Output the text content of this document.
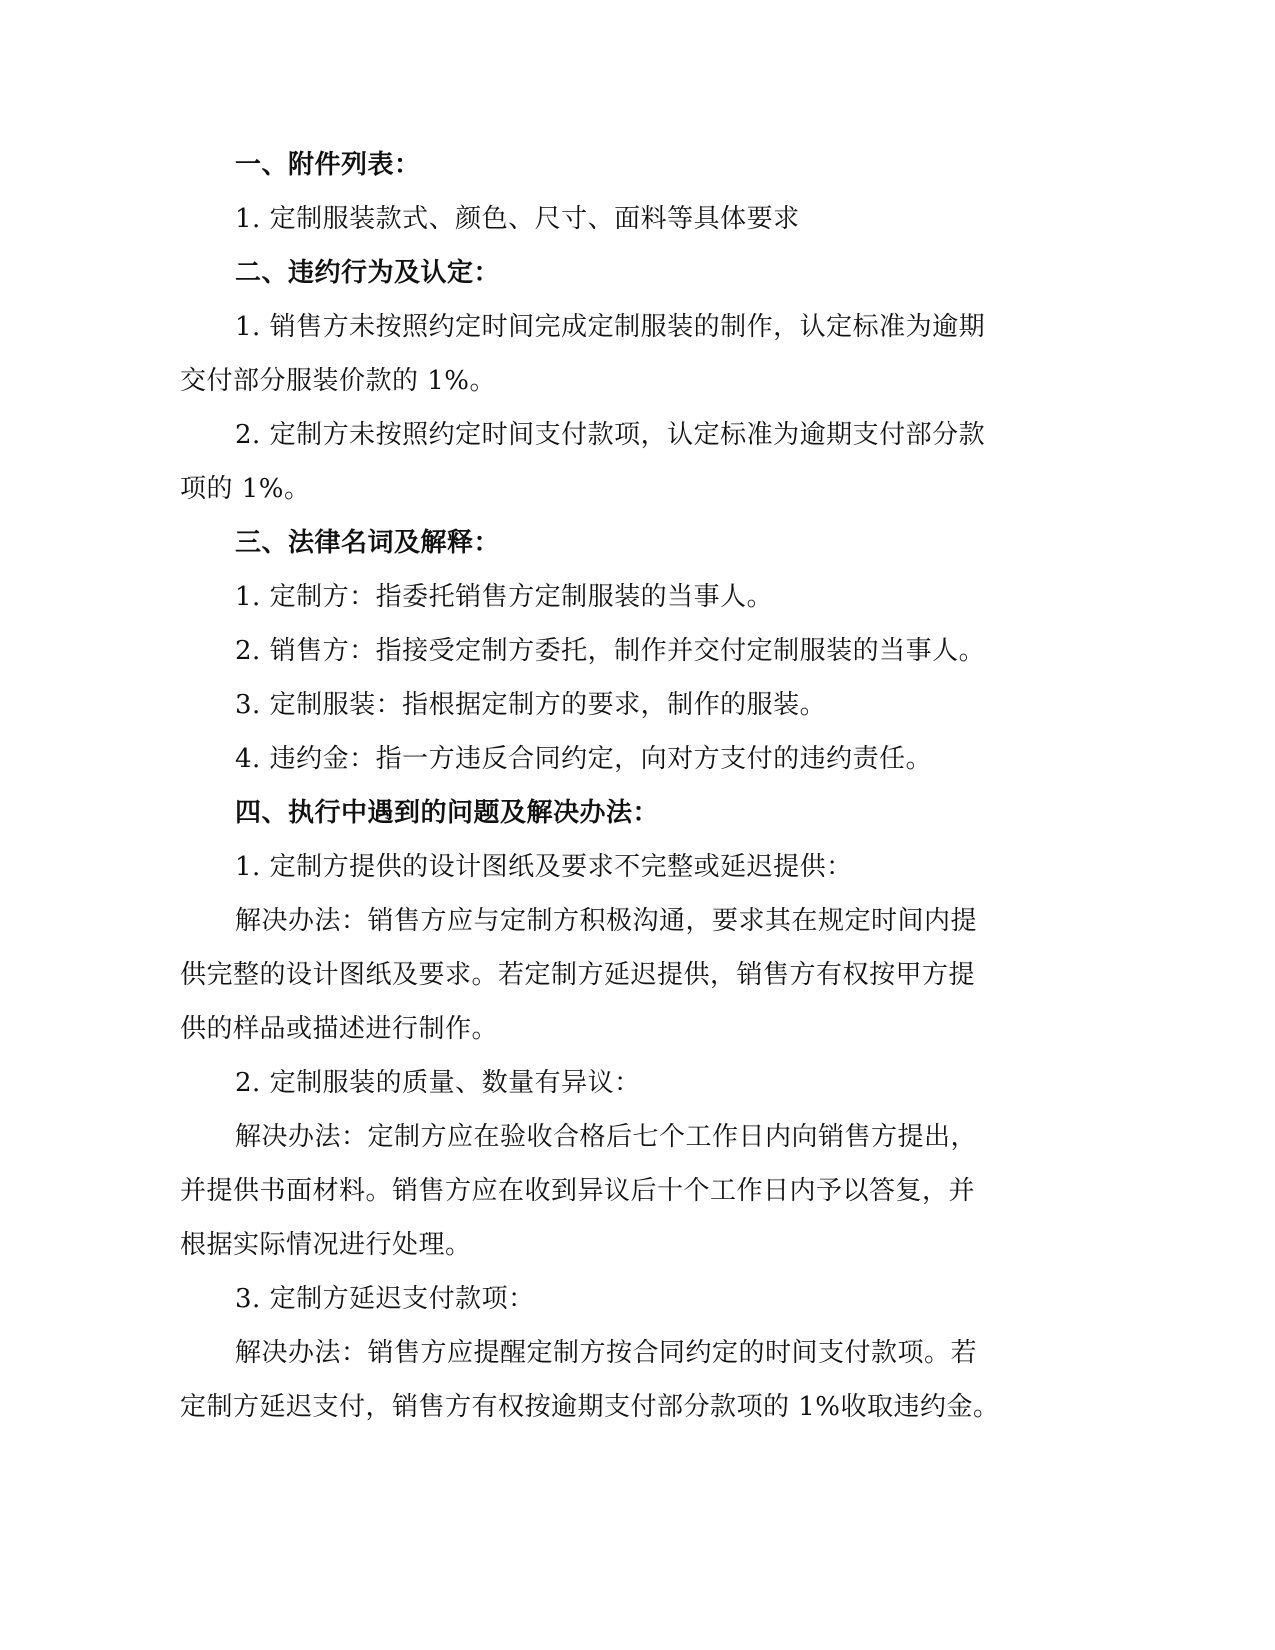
一、附件列表：
1. 定制服装款式、颜色、尺寸、面料等具体要求
二、违约行为及认定：
1. 销售方未按照约定时间完成定制服装的制作，认定标准为逾期
交付部分服装价款的 1%。
2. 定制方未按照约定时间支付款项，认定标准为逾期支付部分款
项的 1%。
三、法律名词及解释：
1. 定制方：指委托销售方定制服装的当事人。
2. 销售方：指接受定制方委托，制作并交付定制服装的当事人。
3. 定制服装：指根据定制方的要求，制作的服装。
4. 违约金：指一方违反合同约定，向对方支付的违约责任。
四、执行中遇到的问题及解决办法：
1. 定制方提供的设计图纸及要求不完整或延迟提供：
解决办法：销售方应与定制方积极沟通，要求其在规定时间内提
供完整的设计图纸及要求。若定制方延迟提供，销售方有权按甲方提
供的样品或描述进行制作。
2. 定制服装的质量、数量有异议：
解决办法：定制方应在验收合格后七个工作日内向销售方提出，
并提供书面材料。销售方应在收到异议后十个工作日内予以答复，并
根据实际情况进行处理。
3. 定制方延迟支付款项：
解决办法：销售方应提醒定制方按合同约定的时间支付款项。若
定制方延迟支付，销售方有权按逾期支付部分款项的 1%收取违约金。
